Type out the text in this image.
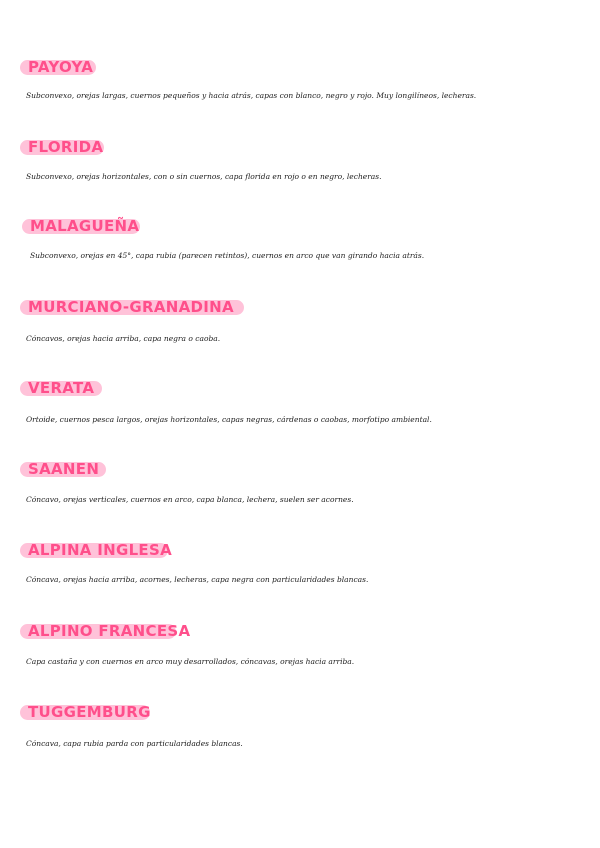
PAYOYA
Subconvexo, orejas largas, cuernos pequeños y hacia atrás, capas con blanco, negro y rojo. Muy longilíneos, lecheras.
FLORIDA
Subconvexo, orejas horizontales, con o sin cuernos, capa florida en rojo o en negro, lecheras.
MALAGUEÑA
Subconvexo, orejas en 45°, capa rubia (parecen retintos), cuernos en arco que van girando hacia atrás.
MURCIANO-GRANADINA
Cóncavos, orejas hacia arriba, capa negra o caoba.
VERATA
Ortoide, cuernos pesca largos, orejas horizontales, capas negras, cárdenas o caobas, morfotipo ambiental.
SAANEN
Cóncavo, orejas verticales, cuernos en arco, capa blanca, lechera, suelen ser acornes.
ALPINA INGLESA
Cóncava, orejas hacia arriba, acornes, lecheras, capa negra con particularidades blancas.
ALPINO FRANCESA
Capa castaña y con cuernos en arco muy desarrollados, cóncavas, orejas hacia arriba.
TUGGEMBURG
Cóncava, capa rubia parda con particularidades blancas.
